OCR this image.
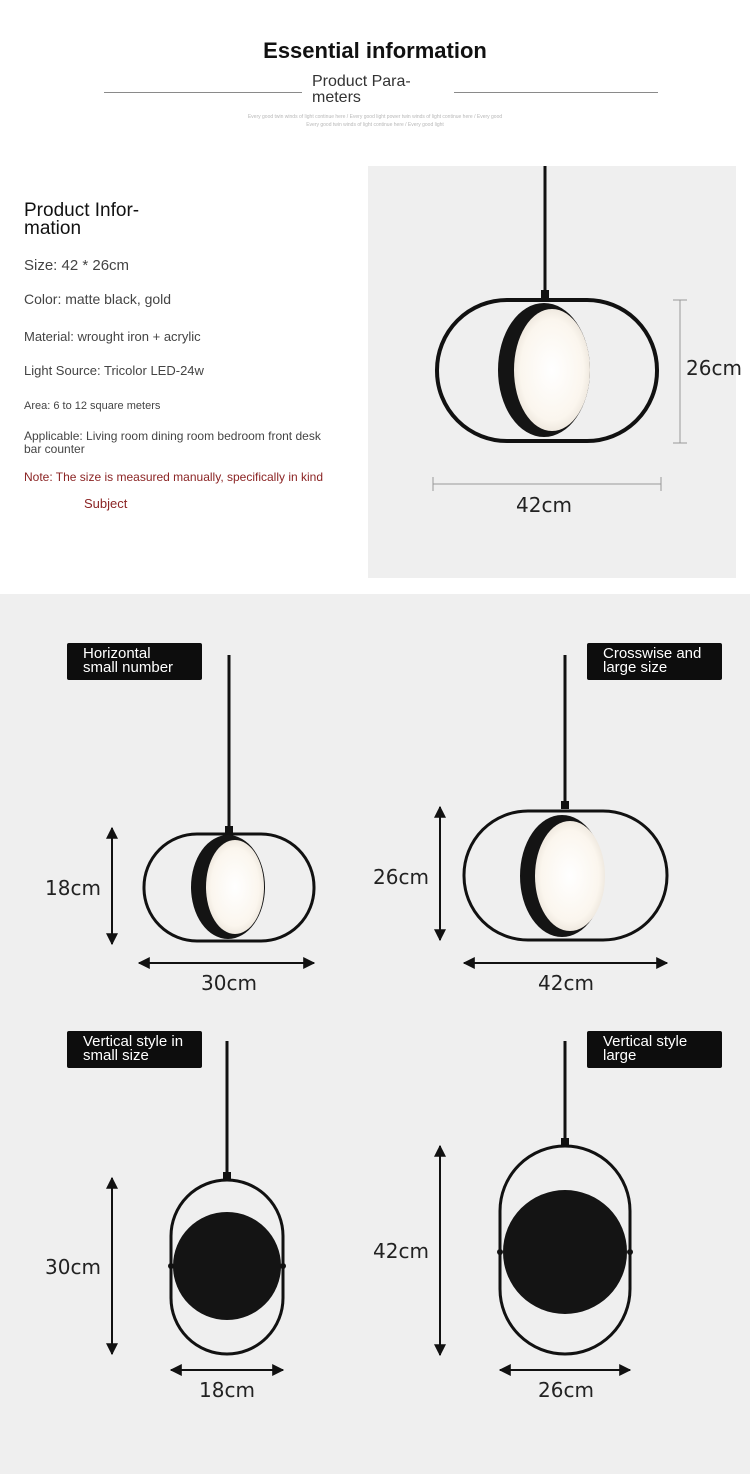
Essential information
Product Para-
meters
Every good twin winds of light continue here / Every good light power twin winds of light continue here / Every good
Every good twin winds of light continue here / Every good light
Product Infor-
mation
Size: 42 * 26cm
Color: matte black, gold
Material: wrought iron + acrylic
Light Source: Tricolor LED-24w
Area: 6 to 12 square meters
Applicable: Living room dining room bedroom front desk bar counter
Note: The size is measured manually, specifically in kind
Subject
Horizontal
small number
Crosswise and
large size
Vertical style in
small size
Vertical style
large
26cm
42cm
18cm
30cm
26cm
42cm
30cm
18cm
42cm
26cm
